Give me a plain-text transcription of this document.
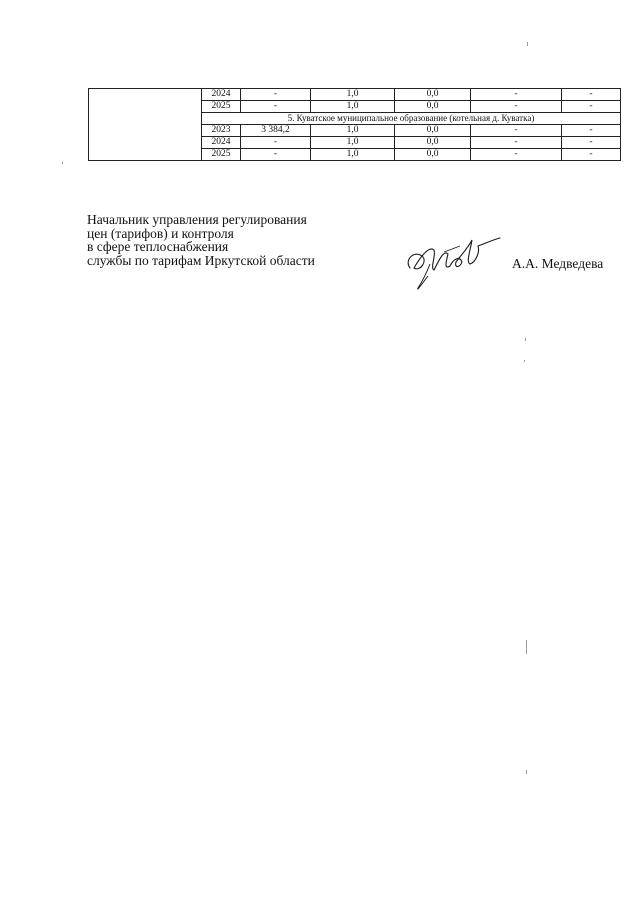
	2024	-	1,0	0,0	-	-
	2025	-	1,0	0,0	-	-
	5. Куватское муниципальное образование (котельная д. Куватка)					
	2023	3 384,2	1,0	0,0	-	-
	2024	-	1,0	0,0	-	-
	2025	-	1,0	0,0	-	-
Начальник управления регулирования
цен (тарифов) и контроля
в сфере теплоснабжения
службы по тарифам Иркутской области	А.А. Медведева
